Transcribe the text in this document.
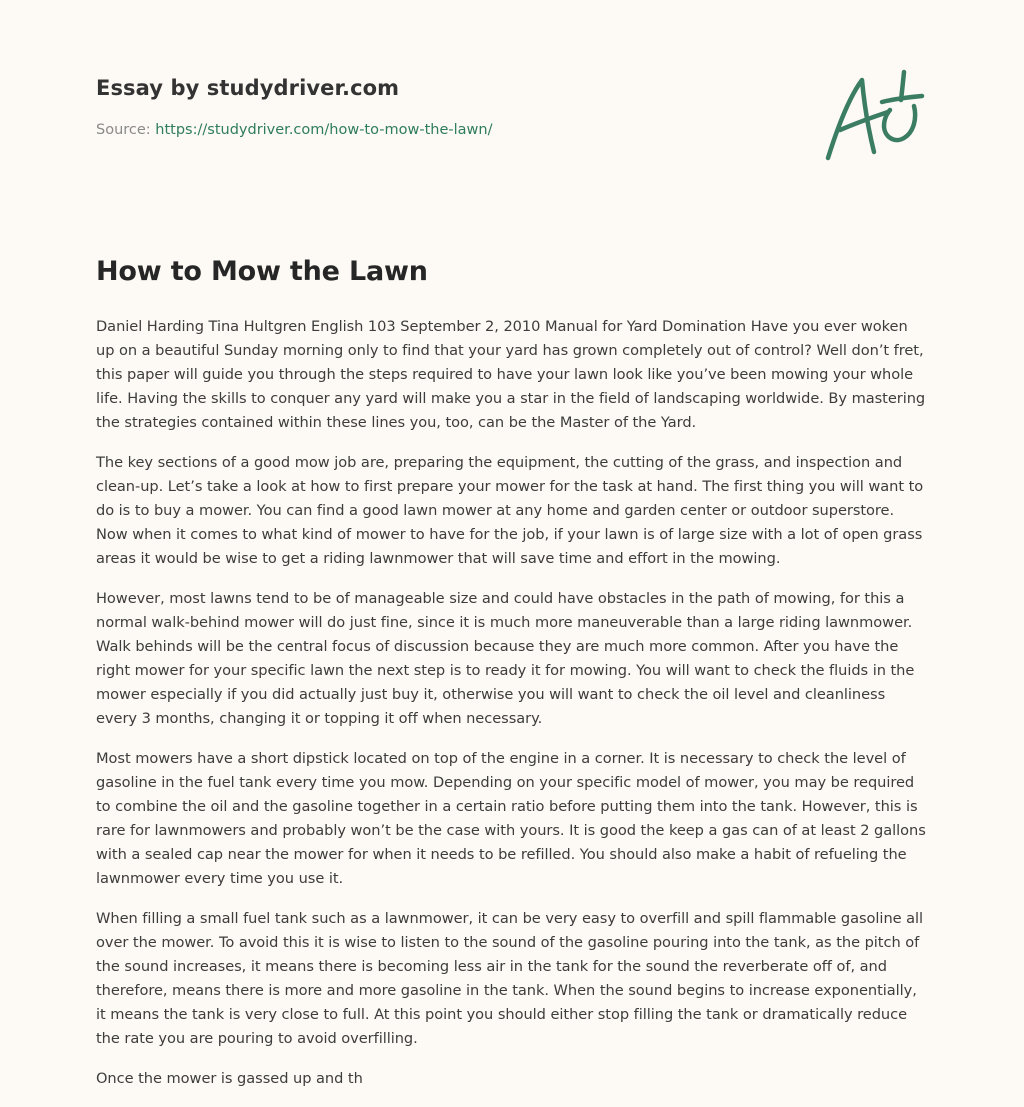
Essay by studydriver.com
Source: https://studydriver.com/how-to-mow-the-lawn/
How to Mow the Lawn

Daniel Harding Tina Hultgren English 103 September 2, 2010 Manual for Yard Domination Have you ever woken up on a beautiful Sunday morning only to find that your yard has grown completely out of control? Well don’t fret, this paper will guide you through the steps required to have your lawn look like you’ve been mowing your whole life. Having the skills to conquer any yard will make you a star in the field of landscaping worldwide. By mastering the strategies contained within these lines you, too, can be the Master of the Yard.

The key sections of a good mow job are, preparing the equipment, the cutting of the grass, and inspection and clean-up. Let’s take a look at how to first prepare your mower for the task at hand. The first thing you will want to do is to buy a mower. You can find a good lawn mower at any home and garden center or outdoor superstore. Now when it comes to what kind of mower to have for the job, if your lawn is of large size with a lot of open grass areas it would be wise to get a riding lawnmower that will save time and effort in the mowing.

However, most lawns tend to be of manageable size and could have obstacles in the path of mowing, for this a normal walk-behind mower will do just fine, since it is much more maneuverable than a large riding lawnmower. Walk behinds will be the central focus of discussion because they are much more common. After you have the right mower for your specific lawn the next step is to ready it for mowing. You will want to check the fluids in the mower especially if you did actually just buy it, otherwise you will want to check the oil level and cleanliness every 3 months, changing it or topping it off when necessary.

Most mowers have a short dipstick located on top of the engine in a corner. It is necessary to check the level of gasoline in the fuel tank every time you mow. Depending on your specific model of mower, you may be required to combine the oil and the gasoline together in a certain ratio before putting them into the tank. However, this is rare for lawnmowers and probably won’t be the case with yours. It is good the keep a gas can of at least 2 gallons with a sealed cap near the mower for when it needs to be refilled. You should also make a habit of refueling the lawnmower every time you use it.

When filling a small fuel tank such as a lawnmower, it can be very easy to overfill and spill flammable gasoline all over the mower. To avoid this it is wise to listen to the sound of the gasoline pouring into the tank, as the pitch of the sound increases, it means there is becoming less air in the tank for the sound the reverberate off of, and therefore, means there is more and more gasoline in the tank. When the sound begins to increase exponentially, it means the tank is very close to full. At this point you should either stop filling the tank or dramatically reduce the rate you are pouring to avoid overfilling.

Once the mower is gassed up and th
